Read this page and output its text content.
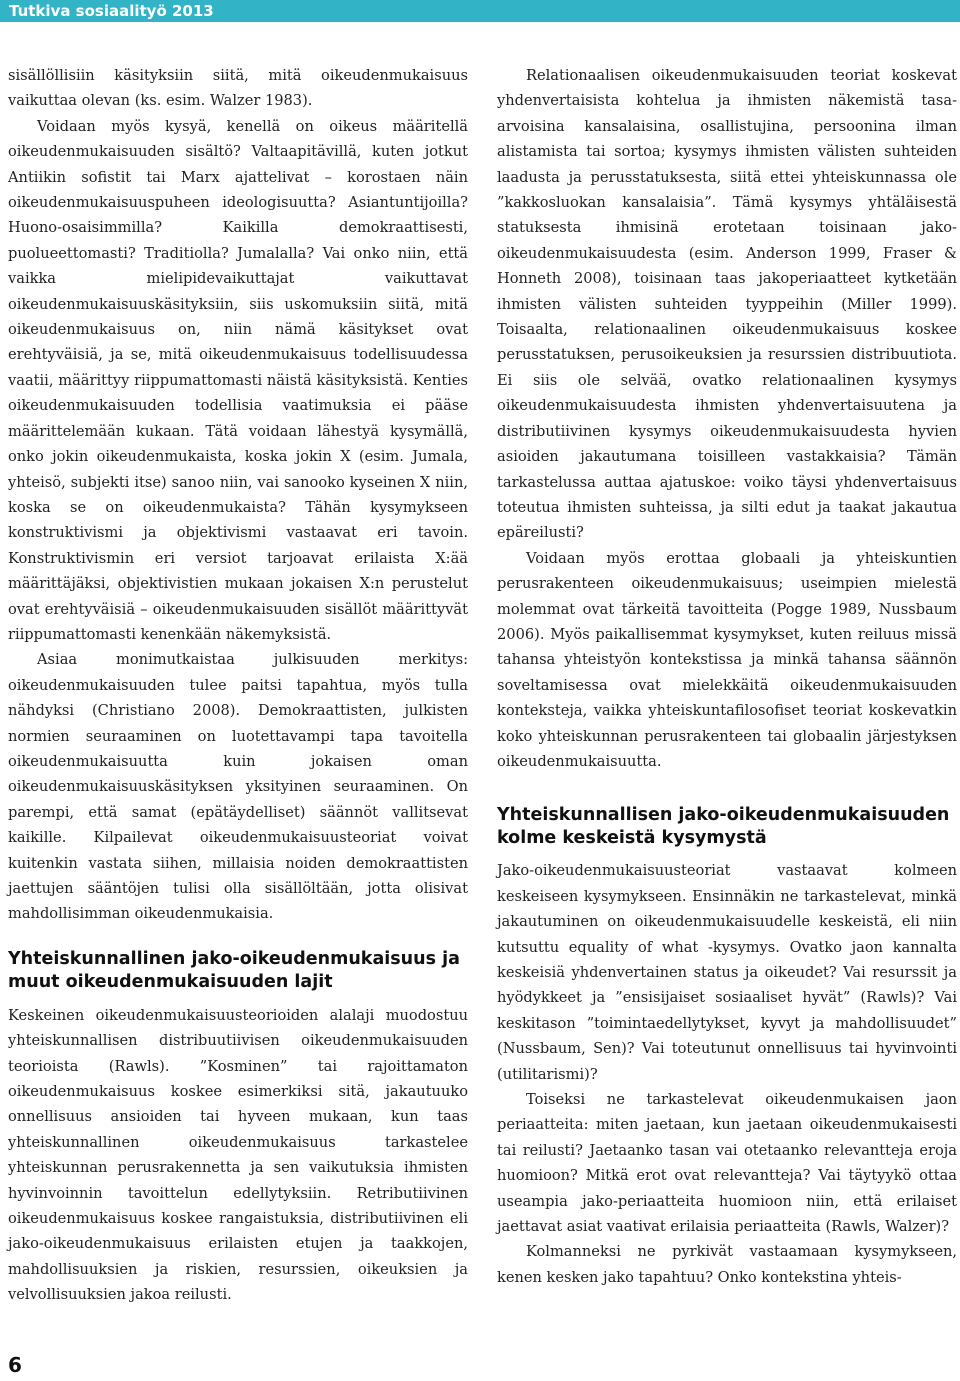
Tutkiva sosiaalityö 2013

sisällöllisiin käsityksiin siitä, mitä oikeudenmukaisuus vaikuttaa olevan (ks. esim. Walzer 1983).

Voidaan myös kysyä, kenellä on oikeus määritellä oikeudenmukaisuuden sisältö? Valtaapitävillä, kuten jotkut Antiikin sofistit tai Marx ajattelivat – korostaen näin oikeudenmukaisuuspuheen ideologisuutta? Asiantuntijoilla? Huono-osaisimmilla? Kaikilla demokraattisesti, puolueettomasti? Traditiolla? Jumalalla? Vai onko niin, että vaikka mielipidevaikuttajat vaikuttavat oikeudenmukaisuuskäsityksiin, siis uskomuksiin siitä, mitä oikeudenmukaisuus on, niin nämä käsitykset ovat erehtyväisiä, ja se, mitä oikeudenmukaisuus todellisuudessa vaatii, määrittyy riippumattomasti näistä käsityksistä. Kenties oikeudenmukaisuuden todellisia vaatimuksia ei pääse määrittelemään kukaan. Tätä voidaan lähestyä kysymällä, onko jokin oikeudenmukaista, koska jokin X (esim. Jumala, yhteisö, subjekti itse) sanoo niin, vai sanooko kyseinen X niin, koska se on oikeudenmukaista? Tähän kysymykseen konstruktivismi ja objektivismi vastaavat eri tavoin. Konstruktivismin eri versiot tarjoavat erilaista X:ää määrittäjäksi, objektivistien mukaan jokaisen X:n perustelut ovat erehtyväisiä – oikeudenmukaisuuden sisällöt määrittyvät riippumattomasti kenenkään näkemyksistä.

Asiaa monimutkaistaa julkisuuden merkitys: oikeudenmukaisuuden tulee paitsi tapahtua, myös tulla nähdyksi (Christiano 2008). Demokraattisten, julkisten normien seuraaminen on luotettavampi tapa tavoitella oikeudenmukaisuutta kuin jokaisen oman oikeudenmukaisuuskäsityksen yksityinen seuraaminen. On parempi, että samat (epätäydelliset) säännöt vallitsevat kaikille. Kilpailevat oikeudenmukaisuusteoriat voivat kuitenkin vastata siihen, millaisia noiden demokraattisten jaettujen sääntöjen tulisi olla sisällöltään, jotta olisivat mahdollisimman oikeudenmukaisia.

Yhteiskunnallinen jako-oikeudenmukaisuus ja muut oikeudenmukaisuuden lajit

Keskeinen oikeudenmukaisuusteorioiden alalaji muodostuu yhteiskunnallisen distribuutiivisen oikeudenmukaisuuden teorioista (Rawls). ”Kosminen” tai rajoittamaton oikeudenmukaisuus koskee esimerkiksi sitä, jakautuuko onnellisuus ansioiden tai hyveen mukaan, kun taas yhteiskunnallinen oikeudenmukaisuus tarkastelee yhteiskunnan perusrakennetta ja sen vaikutuksia ihmisten hyvinvoinnin tavoittelun edellytyksiin. Retributiivinen oikeudenmukaisuus koskee rangaistuksia, distributiivinen eli jako-oikeudenmukaisuus erilaisten etujen ja taakkojen, mahdollisuuksien ja riskien, resurssien, oikeuksien ja velvollisuuksien jakoa reilusti.

Relationaalisen oikeudenmukaisuuden teoriat koskevat yhdenvertaisista kohtelua ja ihmisten näkemistä tasa-arvoisina kansalaisina, osallistujina, persoonina ilman alistamista tai sortoa; kysymys ihmisten välisten suhteiden laadusta ja perusstatuksesta, siitä ettei yhteiskunnassa ole ”kakkosluokan kansalaisia”. Tämä kysymys yhtäläisestä statuksesta ihmisinä erotetaan toisinaan jako-oikeudenmukaisuudesta (esim. Anderson 1999, Fraser & Honneth 2008), toisinaan taas jakoperiaatteet kytketään ihmisten välisten suhteiden tyyppeihin (Miller 1999). Toisaalta, relationaalinen oikeudenmukaisuus koskee perusstatuksen, perusoikeuksien ja resurssien distribuutiota. Ei siis ole selvää, ovatko relationaalinen kysymys oikeudenmukaisuudesta ihmisten yhdenvertaisuutena ja distributiivinen kysymys oikeudenmukaisuudesta hyvien asioiden jakautumana toisilleen vastakkaisia? Tämän tarkastelussa auttaa ajatuskoe: voiko täysi yhdenvertaisuus toteutua ihmisten suhteissa, ja silti edut ja taakat jakautua epäreilusti?

Voidaan myös erottaa globaali ja yhteiskuntien perusrakenteen oikeudenmukaisuus; useimpien mielestä molemmat ovat tärkeitä tavoitteita (Pogge 1989, Nussbaum 2006). Myös paikallisemmat kysymykset, kuten reiluus missä tahansa yhteistyön kontekstissa ja minkä tahansa säännön soveltamisessa ovat mielekkäitä oikeudenmukaisuuden konteksteja, vaikka yhteiskuntafilosofiset teoriat koskevatkin koko yhteiskunnan perusrakenteen tai globaalin järjestyksen oikeudenmukaisuutta.

Yhteiskunnallisen jako-oikeudenmukaisuuden kolme keskeistä kysymystä

Jako-oikeudenmukaisuusteoriat vastaavat kolmeen keskeiseen kysymykseen. Ensinnäkin ne tarkastelevat, minkä jakautuminen on oikeudenmukaisuudelle keskeistä, eli niin kutsuttu equality of what -kysymys. Ovatko jaon kannalta keskeisiä yhdenvertainen status ja oikeudet? Vai resurssit ja hyödykkeet ja ”ensisijaiset sosiaaliset hyvät” (Rawls)? Vai keskitason ”toimintaedellytykset, kyvyt ja mahdollisuudet” (Nussbaum, Sen)? Vai toteutunut onnellisuus tai hyvinvointi (utilitarismi)?

Toiseksi ne tarkastelevat oikeudenmukaisen jaon periaatteita: miten jaetaan, kun jaetaan oikeudenmukaisesti tai reilusti? Jaetaanko tasan vai otetaanko relevantteja eroja huomioon? Mitkä erot ovat relevantteja? Vai täytyykö ottaa useampia jako-periaatteita huomioon niin, että erilaiset jaettavat asiat vaativat erilaisia periaatteita (Rawls, Walzer)?

Kolmanneksi ne pyrkivät vastaamaan kysymykseen, kenen kesken jako tapahtuu? Onko kontekstina yhteis-

6
